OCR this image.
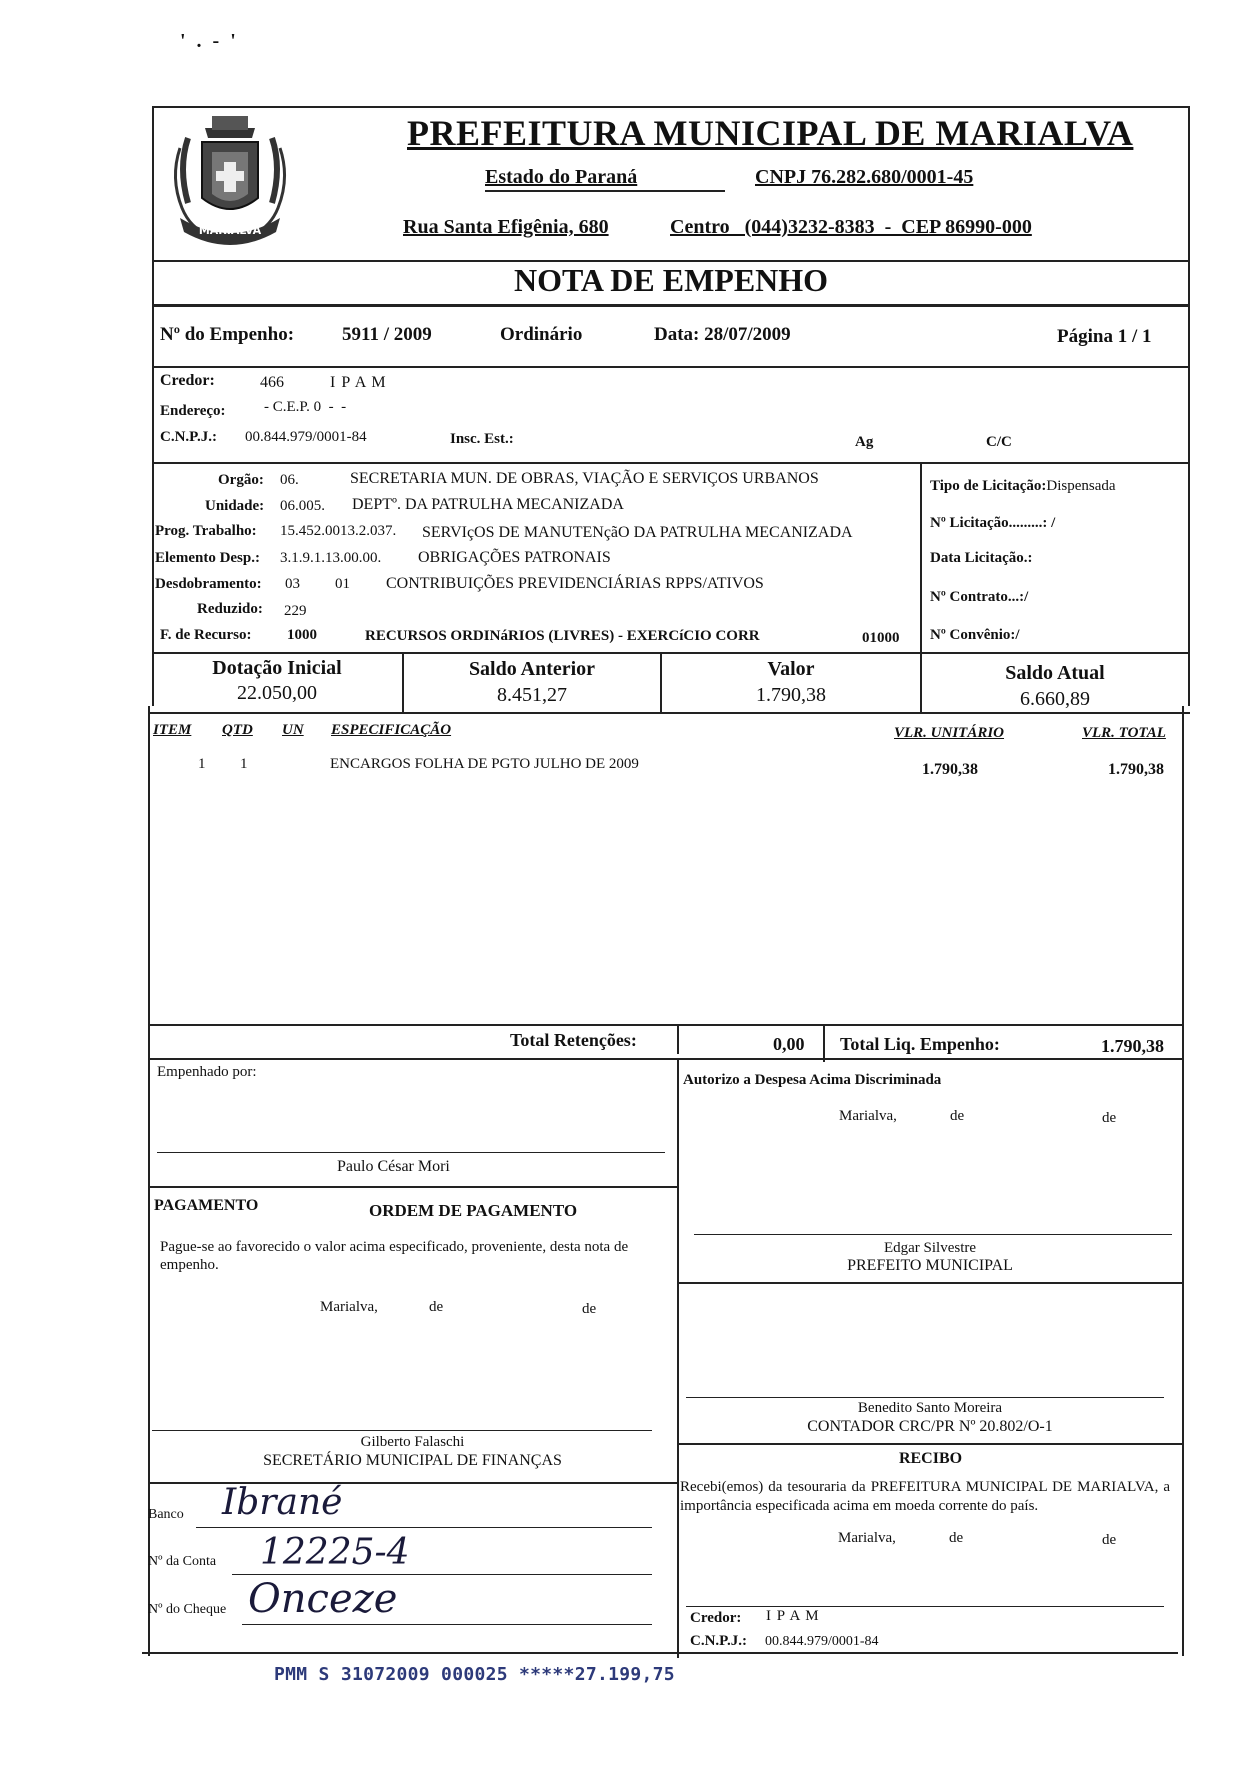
' . - '
MARIALVA
PREFEITURA MUNICIPAL DE MARIALVA
Estado do Paraná	CNPJ 76.282.680/0001-45
Rua Santa Efigênia, 680	Centro   (044)3232-8383  -  CEP 86990-000
NOTA DE EMPENHO
Nº do Empenho:	5911 / 2009	Ordinário	Data: 28/07/2009	Página 1 / 1
Credor:	466	I P A M
Endereço:	- C.E.P. 0  -  -
C.N.P.J.: 00.844.979/0001-84	Insc. Est.:	Ag	C/C
Orgão: 06.	SECRETARIA MUN. DE OBRAS, VIAÇÃO E SERVIÇOS URBANOS
Unidade: 06.005. DEPTº. DA PATRULHA MECANIZADA
Prog. Trabalho: 15.452.0013.2.037. SERVIçOS DE MANUTENçãO DA PATRULHA MECANIZADA
Elemento Desp.: 3.1.9.1.13.00.00. OBRIGAÇÕES PATRONAIS
Desdobramento: 03 01 CONTRIBUIÇÕES PREVIDENCIÁRIAS RPPS/ATIVOS
Reduzido: 229
F. de Recurso: 1000	RECURSOS ORDINáRIOS (LIVRES) - EXERCíCIO CORR	01000
Tipo de Licitação:Dispensada
Nº Licitação.........: /
Data Licitação.:
Nº Contrato...:/
Nº Convênio:/
Dotação Inicial
22.050,00
Saldo Anterior
8.451,27
Valor
1.790,38
Saldo Atual
6.660,89
ITEM QTD UN ESPECIFICAÇÃO	VLR. UNITÁRIO	VLR. TOTAL
1 1	ENCARGOS FOLHA DE PGTO JULHO DE 2009	1.790,38	1.790,38
Total Retenções:	0,00 Total Liq. Empenho:	1.790,38
Empenhado por:
Paulo César Mori
Autorizo a Despesa Acima Discriminada
Marialva,	de	de
Edgar Silvestre
PREFEITO MUNICIPAL
PAGAMENTO	ORDEM DE PAGAMENTO
Pague-se ao favorecido o valor acima especificado, proveniente, desta nota de empenho.
Marialva,	de	de
Gilberto Falaschi
SECRETÁRIO MUNICIPAL DE FINANÇAS
Benedito Santo Moreira
CONTADOR CRC/PR Nº 20.802/O-1
Banco Ibrané
Nº da Conta 12225-4
Nº do Cheque Onceze
RECIBO
Recebi(emos) da tesouraria da PREFEITURA MUNICIPAL DE MARIALVA, a importância especificada acima em moeda corrente do país.
Marialva,	de	de
Credor: I P A M
C.N.P.J.: 00.844.979/0001-84
PMM S 31072009 000025 *****27.199,75
